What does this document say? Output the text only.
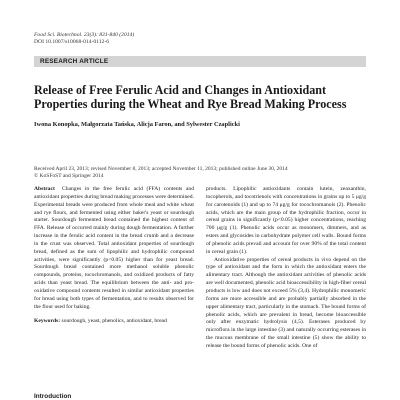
Food Sci. Biotechnol. 23(3): 831-840 (2014)
DOI 10.1007/s10068-014-0112-6
RESEARCH ARTICLE
Release of Free Ferulic Acid and Changes in Antioxidant Properties during the Wheat and Rye Bread Making Process
Iwona Konopka, Małgorzata Tańska, Alicja Faron, and Sylwester Czaplicki
Received April 23, 2013; revised November 8, 2013; accepted November 11, 2013; published online June 30, 2014
© KoSFoST and Springer 2014

Abstract Changes in the free ferulic acid (FFA) contents and antioxidant properties during bread making processes were determined. Experimental breads were produced from whole meal and white wheat and rye flours, and fermented using either baker's yeast or sourdough starter. Sourdough fermented bread contained the highest content of FFA. Release of occurred mainly during dough fermentation. A further increase in the ferulic acid content in the bread crumb and a decrease in the crust was observed. Total antioxidant properties of sourdough bread, defined as the sum of lipophilic and hydrophilic compound activities, were significantly (p<0.05) higher than for yeast bread. Sourdough bread contained more methanol soluble phenolic compounds, proteins, tocochromanols, and oxidized products of fatty acids than yeast bread. The equilibrium between the anti- and pro-oxidative compound contents resulted in similar antioxidant properties for bread using both types of fermentation, and to results observed for the flour used for baking.

Keywords: sourdough, yeast, phenolics, antioxidant, bread

Introduction

products. Lipophilic antioxidants contain lutein, zeaxanthin, tocopherols, and tocotrienols with concentrations in grains up to 5 μg/g for carotenoids (1) and up to 74 μg/g for tocochromanols (2). Phenolic acids, which are the main group of the hydrophilic fraction, occur in cereal grains in significantly (p<0.05) higher concentrations, reaching 700 μg/g (1). Phenolic acids occur as monomers, dimmers, and as esters and glycosides in carbohydrate polymer cell walls. Bound forms of phenolic acids prevail and account for over 90% of the total content in cereal grain (1).

Antioxidative properties of cereal products in vivo depend on the type of antioxidant and the form in which the antioxidant enters the alimentary tract. Although the antioxidant activities of phenolic acids are well documented, phenolic acid bioaccessibility in high-fiber cereal products is low and does not exceed 5% (3,4). Hydrophilic monomeric forms are more accessible and are probably partially absorbed in the upper alimentary tract, particularly in the stomach. The bound forms of phenolic acids, which are prevalent in bread, become bioaccessible only after enzymatic hydrolysis (4,5). Esterases produced by microflora in the large intestine (3) and naturally occurring esterases in the mucous membrane of the small intestine (5) show the ability to release the bound forms of phenolic acids. One of
